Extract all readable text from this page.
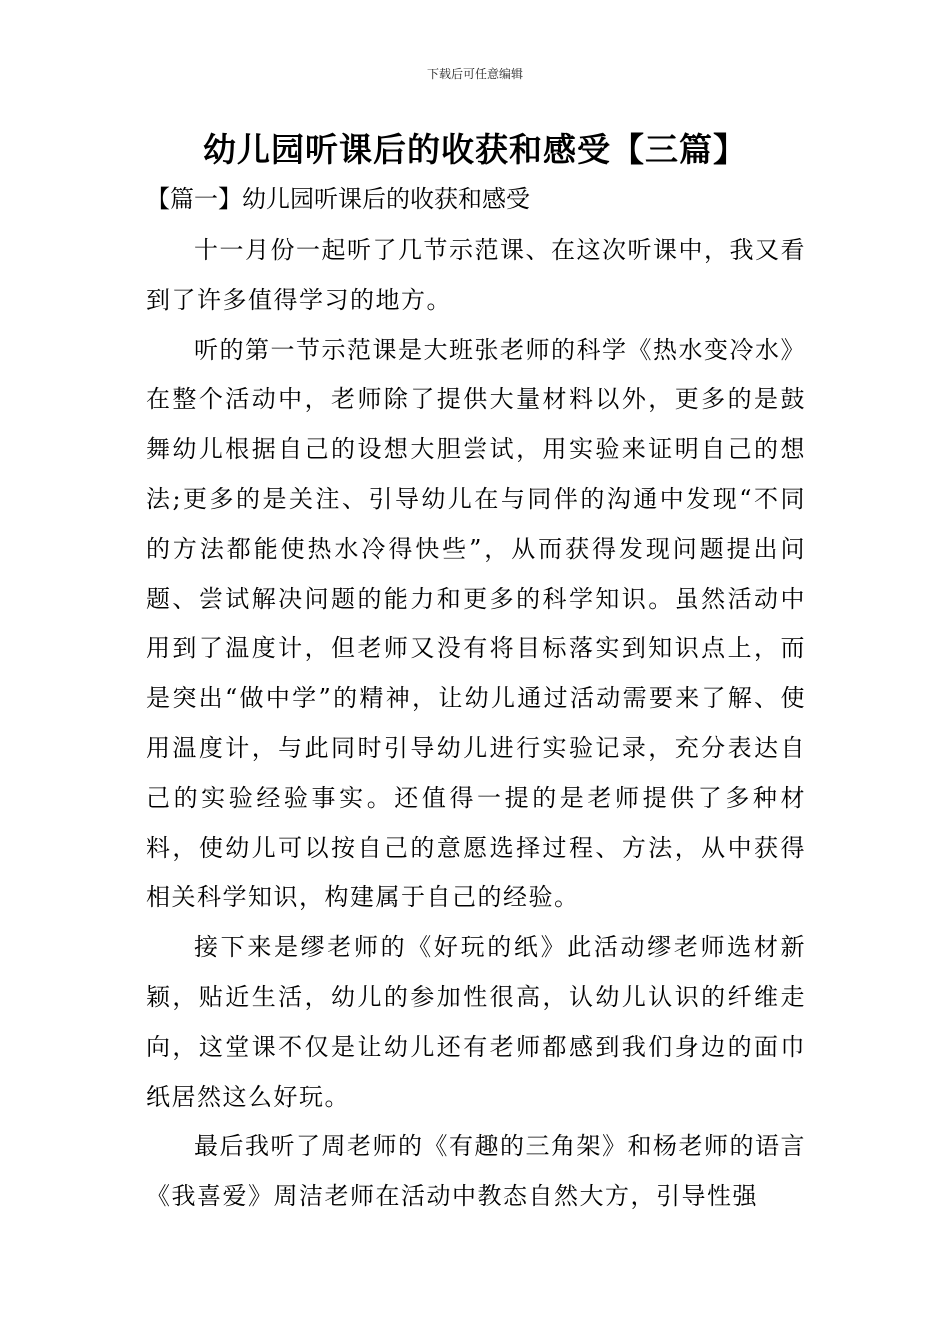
下载后可任意编辑
幼儿园听课后的收获和感受【三篇】
【篇一】幼儿园听课后的收获和感受

十一月份一起听了几节示范课、在这次听课中，我又看到了许多值得学习的地方。

听的第一节示范课是大班张老师的科学《热水变冷水》在整个活动中，老师除了提供大量材料以外，更多的是鼓舞幼儿根据自己的设想大胆尝试，用实验来证明自己的想法;更多的是关注、引导幼儿在与同伴的沟通中发现“不同的方法都能使热水冷得快些”，从而获得发现问题提出问题、尝试解决问题的能力和更多的科学知识。虽然活动中用到了温度计，但老师又没有将目标落实到知识点上，而是突出“做中学”的精神，让幼儿通过活动需要来了解、使用温度计，与此同时引导幼儿进行实验记录，充分表达自己的实验经验事实。还值得一提的是老师提供了多种材料，使幼儿可以按自己的意愿选择过程、方法，从中获得相关科学知识，构建属于自己的经验。

接下来是缪老师的《好玩的纸》此活动缪老师选材新颖，贴近生活，幼儿的参加性很高，认幼儿认识的纤维走向，这堂课不仅是让幼儿还有老师都感到我们身边的面巾纸居然这么好玩。

最后我听了周老师的《有趣的三角架》和杨老师的语言《我喜爱》周洁老师在活动中教态自然大方，引导性强
